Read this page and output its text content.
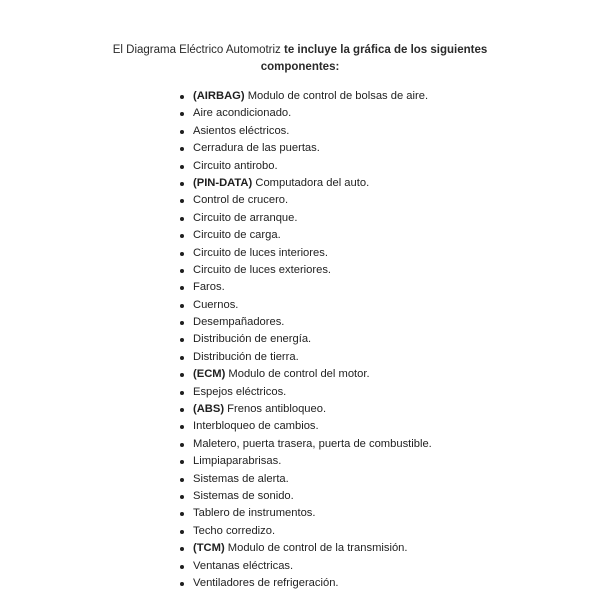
El Diagrama Eléctrico Automotriz te incluye la gráfica de los siguientes
componentes:
(AIRBAG) Modulo de control de bolsas de aire.
Aire acondicionado.
Asientos eléctricos.
Cerradura de las puertas.
Circuito antirobo.
(PIN-DATA) Computadora del auto.
Control de crucero.
Circuito de arranque.
Circuito de carga.
Circuito de luces interiores.
Circuito de luces exteriores.
Faros.
Cuernos.
Desempañadores.
Distribución de energía.
Distribución de tierra.
(ECM) Modulo de control del motor.
Espejos eléctricos.
(ABS) Frenos antibloqueo.
Interbloqueo de cambios.
Maletero, puerta trasera, puerta de combustible.
Limpiaparabrisas.
Sistemas de alerta.
Sistemas de sonido.
Tablero de instrumentos.
Techo corredizo.
(TCM) Modulo de control de la transmisión.
Ventanas eléctricas.
Ventiladores de refrigeración.
